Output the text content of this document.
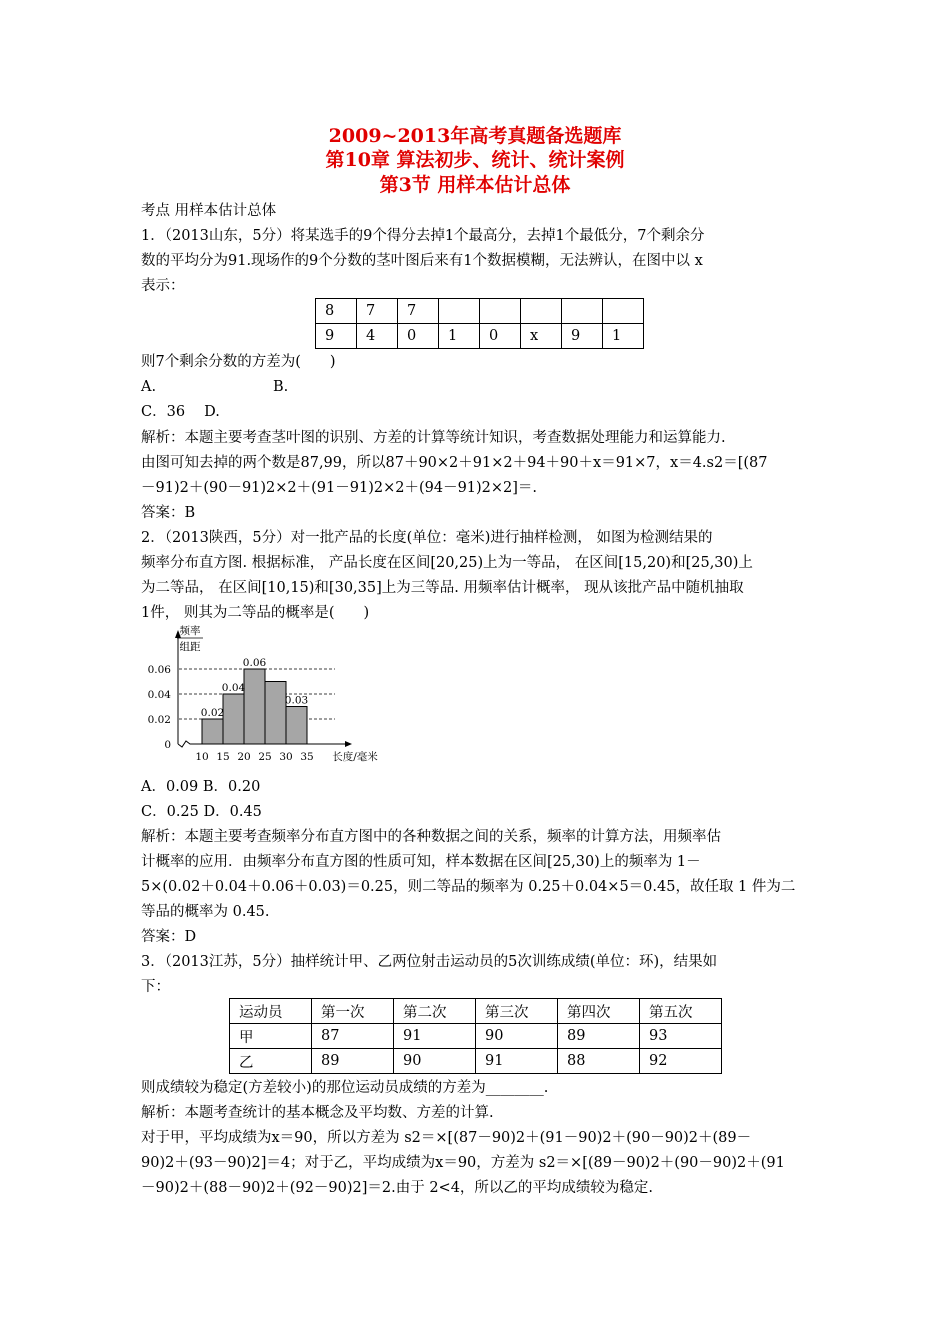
2009~2013年高考真题备选题库
第10章 算法初步、统计、统计案例
第3节 用样本估计总体
考点 用样本估计总体
1．（2013山东，5分）将某选手的9个得分去掉1个最高分，去掉1个最低分，7个剩余分
数的平均分为91.现场作的9个分数的茎叶图后来有1个数据模糊，无法辨认，在图中以 x
表示：
8	7	7					
9	4	0	1	0	x	9	1
则7个剩余分数的方差为(　　)
A.	B.
C．36　 D.
解析：本题主要考查茎叶图的识别、方差的计算等统计知识，考查数据处理能力和运算能力.
由图可知去掉的两个数是87,99，所以87＋90×2＋91×2＋94＋90＋x＝91×7，x＝4.s2＝[(87
－91)2＋(90－91)2×2＋(91－91)2×2＋(94－91)2×2]＝.
答案：B
2．（2013陕西，5分）对一批产品的长度(单位：毫米)进行抽样检测， 如图为检测结果的
频率分布直方图. 根据标准， 产品长度在区间[20,25)上为一等品， 在区间[15,20)和[25,30)上
为二等品， 在区间[10,15)和[30,35]上为三等品. 用频率估计概率， 现从该批产品中随机抽取
1件， 则其为二等品的概率是(　　)
0.02
0.04
0.06
0.03
0
0.02
0.04
0.06
10 15 20 25 30 35
频率
组距
长度/毫米
A．0.09 B．0.20
C．0.25 D．0.45
解析：本题主要考查频率分布直方图中的各种数据之间的关系，频率的计算方法，用频率估
计概率的应用．由频率分布直方图的性质可知，样本数据在区间[25,30)上的频率为 1－
5×(0.02＋0.04＋0.06＋0.03)＝0.25，则二等品的频率为 0.25＋0.04×5＝0.45，故任取 1 件为二
等品的概率为 0.45.
答案：D
3．（2013江苏，5分）抽样统计甲、乙两位射击运动员的5次训练成绩(单位：环)，结果如
下：
运动员	第一次	第二次	第三次	第四次	第五次
甲	87	91	90	89	93
乙	89	90	91	88	92
则成绩较为稳定(方差较小)的那位运动员成绩的方差为________.
解析：本题考查统计的基本概念及平均数、方差的计算.
对于甲，平均成绩为x＝90，所以方差为 s2＝×[(87－90)2＋(91－90)2＋(90－90)2＋(89－
90)2＋(93－90)2]＝4；对于乙，平均成绩为x＝90，方差为 s2＝×[(89－90)2＋(90－90)2＋(91
－90)2＋(88－90)2＋(92－90)2]＝2.由于 2<4，所以乙的平均成绩较为稳定.
